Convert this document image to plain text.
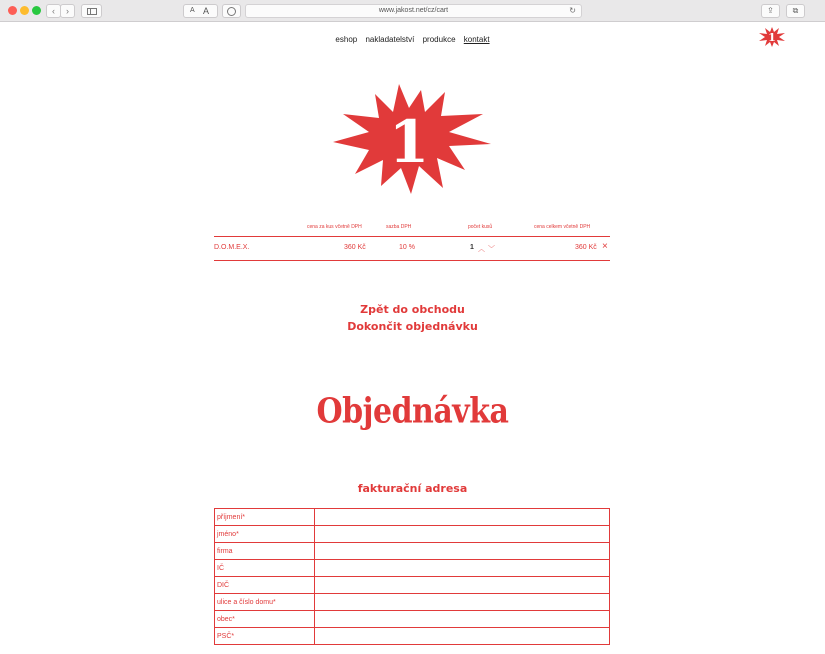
‹	›	A A	www.jakost.net/cz/cart	↻	⇪	⧉
eshop nakladatelství produkce kontakt	1
1
cena za kus včetně DPH	sazba DPH	počet kusů	cena celkem včetně DPH
D.O.M.E.X.	360 Kč	10 %	1 ︿ ﹀	360 Kč ×
Zpět do obchodu
Dokončit objednávku
Objednávka
fakturační adresa
příjmení*	
jméno*	
firma	
IČ	
DIČ	
ulice a číslo domu*	
obec*	
PSČ*	
